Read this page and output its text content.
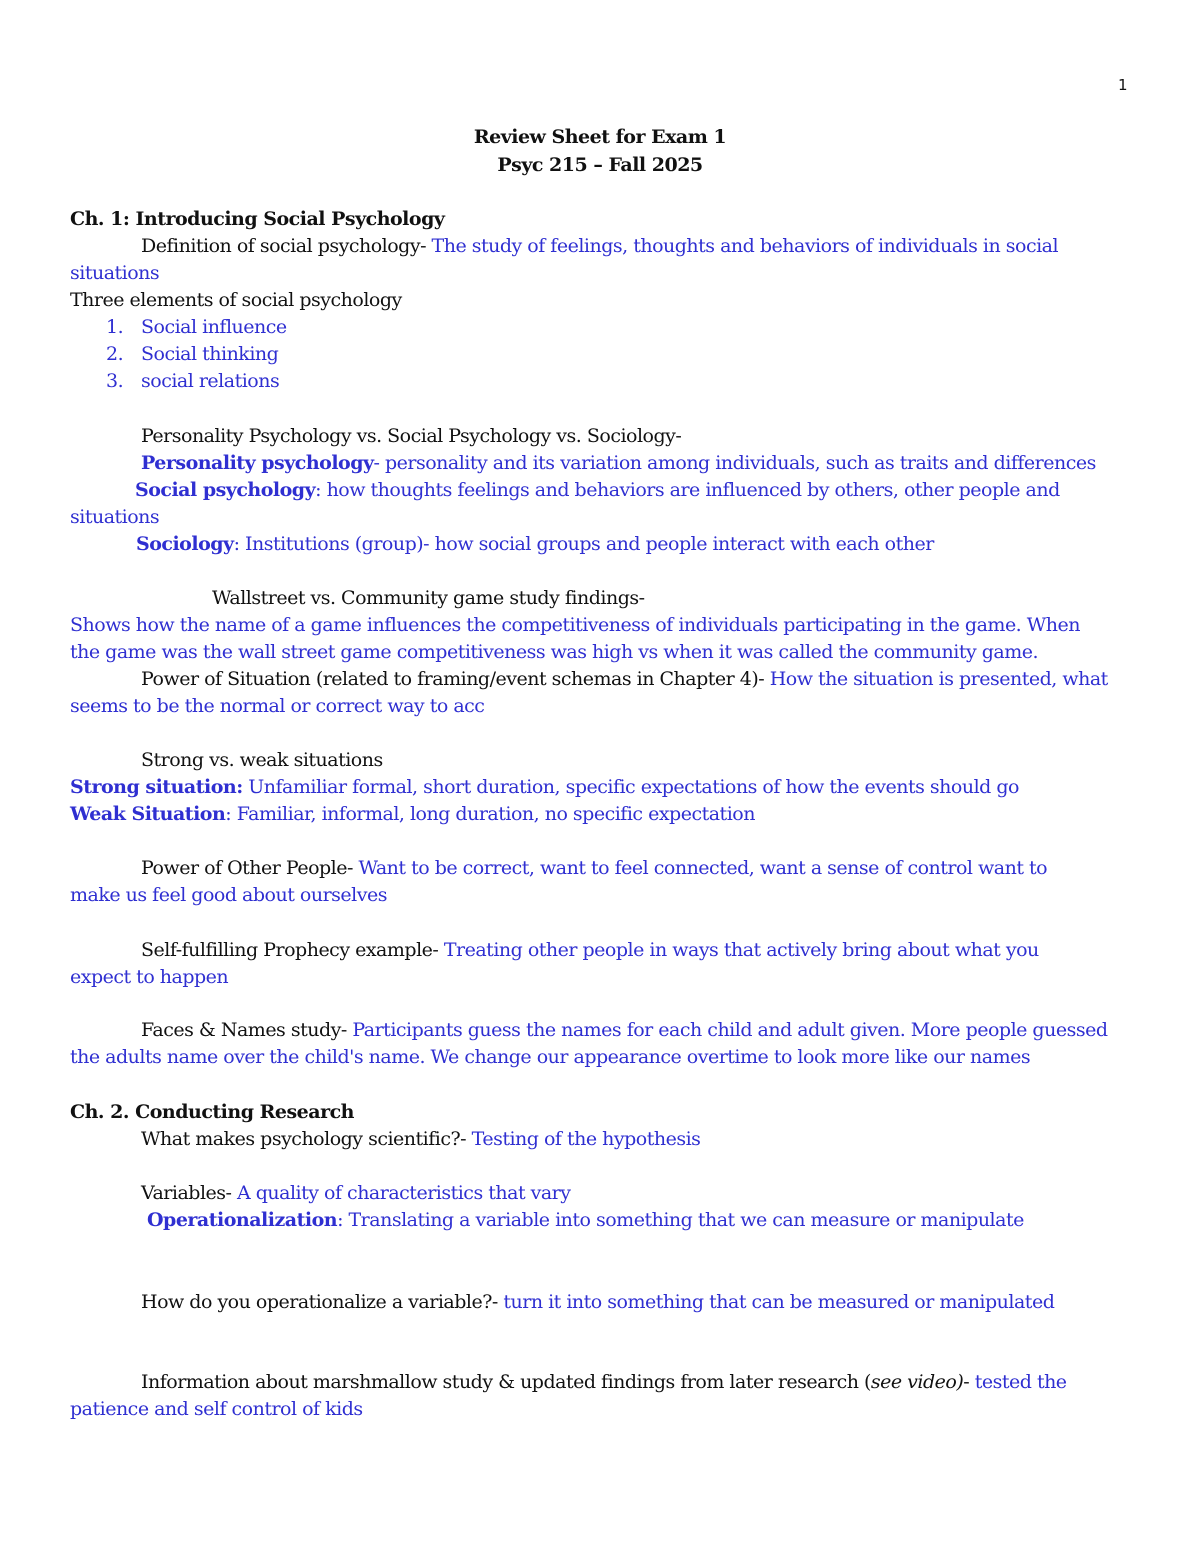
1
Review Sheet for Exam 1
Psyc 215 – Fall 2025
Ch. 1: Introducing Social Psychology
Definition of social psychology- The study of feelings, thoughts and behaviors of individuals in social
situations
Three elements of social psychology
1. Social influence
2. Social thinking
3. social relations
Personality Psychology vs. Social Psychology vs. Sociology-
Personality psychology- personality and its variation among individuals, such as traits and differences
Social psychology: how thoughts feelings and behaviors are influenced by others, other people and
situations
Sociology: Institutions (group)- how social groups and people interact with each other
Wallstreet vs. Community game study findings-
Shows how the name of a game influences the competitiveness of individuals participating in the game. When
the game was the wall street game competitiveness was high vs when it was called the community game.
Power of Situation (related to framing/event schemas in Chapter 4)- How the situation is presented, what
seems to be the normal or correct way to acc
Strong vs. weak situations
Strong situation: Unfamiliar formal, short duration, specific expectations of how the events should go
Weak Situation: Familiar, informal, long duration, no specific expectation
Power of Other People- Want to be correct, want to feel connected, want a sense of control want to
make us feel good about ourselves
Self-fulfilling Prophecy example- Treating other people in ways that actively bring about what you
expect to happen
Faces & Names study- Participants guess the names for each child and adult given. More people guessed
the adults name over the child's name. We change our appearance overtime to look more like our names
Ch. 2. Conducting Research
What makes psychology scientific?- Testing of the hypothesis
Variables- A quality of characteristics that vary
Operationalization: Translating a variable into something that we can measure or manipulate
How do you operationalize a variable?- turn it into something that can be measured or manipulated
Information about marshmallow study & updated findings from later research (see video)- tested the
patience and self control of kids
